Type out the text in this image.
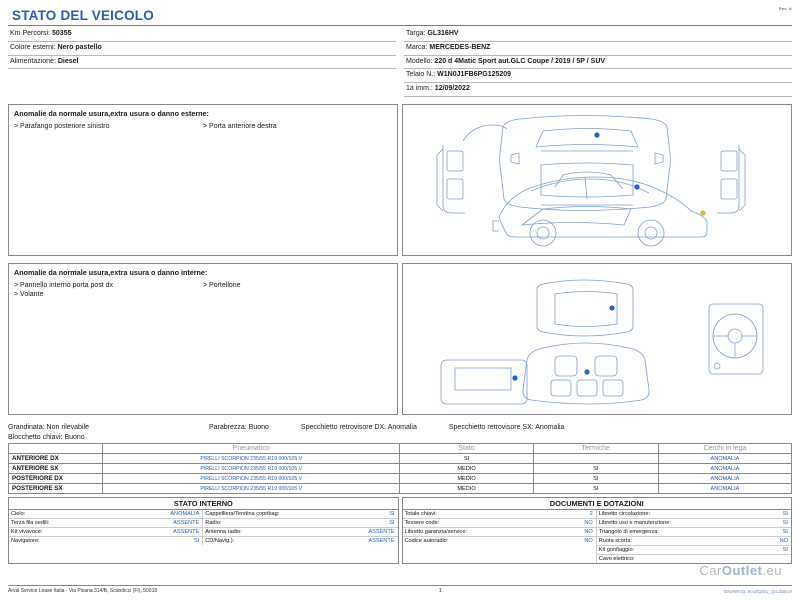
Rev. A
STATO DEL VEICOLO
Km Percorsi: 50355
Colore esterni: Nero pastello
Alimentazione: Diesel
Targa: GL316HV
Marca: MERCEDES-BENZ
Modello: 220 d 4Matic Sport aut.GLC Coupe / 2019 / 5P / SUV
Telaio N.: W1N0J1FB6PG125209
1a imm.: 12/09/2022
Anomalie da normale usura,extra usura o danno esterne:
> Parafango posteriore sinistro	> Porta anteriore destra
Anomalie da normale usura,extra usura o danno interne:
> Pannello interno porta post dx	> Portellone
> Volante
Grandinata: Non rilevabile	Parabrezza: Buono	Specchietto retrovisore DX: Anomalia	Specchietto retrovisore SX: Anomalia
Blocchetto chiavi: Buono
	Pneumatico	Stato	Termiche	Cerchi in lega
ANTERIORE DX	PIRELLI SCORPION 235/55 R19 000/105 V	SI		ANOMALIA
ANTERIORE SX	PIRELLI SCORPION 235/55 R19 000/105 V	MEDIO	SI	ANOMALIA
POSTERIORE DX	PIRELLI SCORPION 235/55 R19 000/105 V	MEDIO	SI	ANOMALIA
POSTERIORE SX	PIRELLI SCORPION 235/55 R19 000/105 V	MEDIO	SI	ANOMALIA
STATO INTERNO
Cielo:	ANOMALIA
Terza fila sedili:	ASSENTE
Kit vivavoce:	ASSENTE
Navigatore:	SI
Cappelliera/Tendina copribag:	SI
Radio:	SI
Antenna radio:	ASSENTE
CD/Navig.):	ASSENTE
DOCUMENTI E DOTAZIONI
Totale chiavi:	2
Tessere code:	NO
Libretto garanzia/service:	NO
Codice autoradio:	NO
Libretto circolazione:	SI
Libretto uso e manutenzione:	SI
Triangolo di emergenza:	SI
Ruota scorta:	NO
Kit gonfiaggio:	SI
Cavo elettrico:
CarOutlet.eu
Arval Service Lease Italia - Via Pisana 314/B, Scandicci (FI), 50018	1	ID\srNRcQ..9cudQzEy_Qu.d1Bcv/
